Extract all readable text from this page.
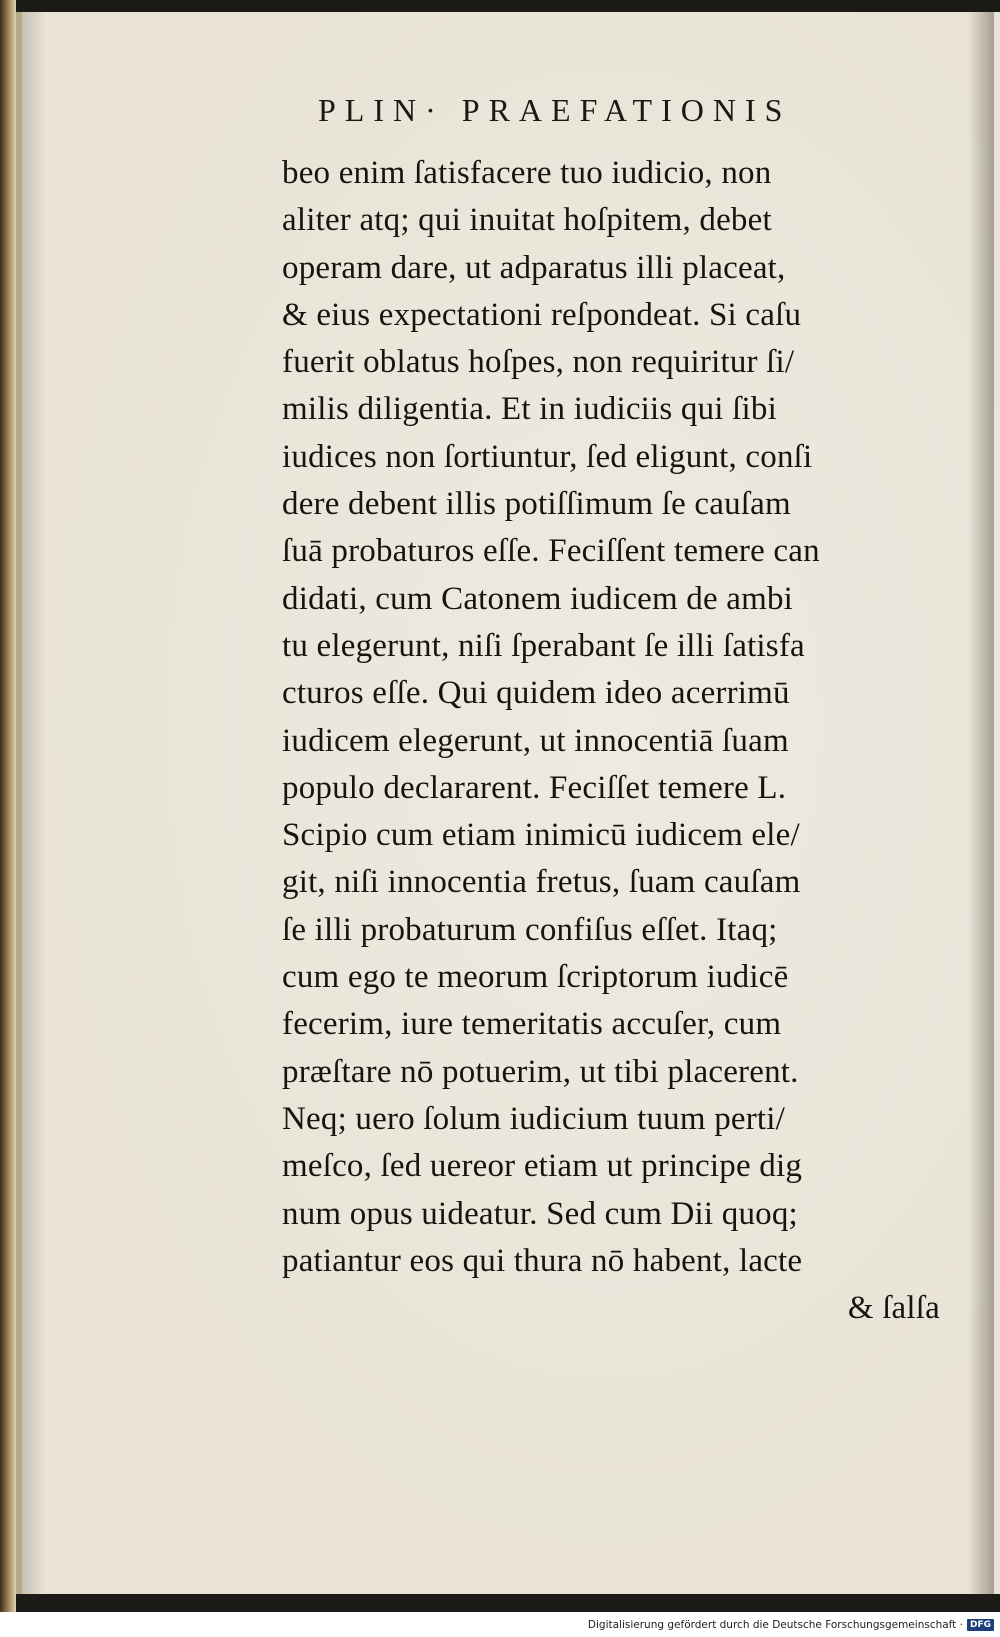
PLIN· PRAEFATIONIS
beo enim ſatisfacere tuo iudicio, non
aliter atq; qui inuitat hoſpitem, debet
operam dare, ut adparatus illi placeat,
& eius expectationi reſpondeat. Si caſu
fuerit oblatus hoſpes, non requiritur ſi/
milis diligentia. Et in iudiciis qui ſibi
iudices non ſortiuntur, ſed eligunt, conſi
dere debent illis potiſſimum ſe cauſam
ſuā probaturos eſſe. Feciſſent temere can
didati, cum Catonem iudicem de ambi
tu elegerunt, niſi ſperabant ſe illi ſatisfa
cturos eſſe. Qui quidem ideo acerrimū
iudicem elegerunt, ut innocentiā ſuam
populo declararent. Feciſſet temere L.
Scipio cum etiam inimicū iudicem ele/
git, niſi innocentia fretus, ſuam cauſam
ſe illi probaturum confiſus eſſet. Itaq;
cum ego te meorum ſcriptorum iudicē
fecerim, iure temeritatis accuſer, cum
præſtare nō potuerim, ut tibi placerent.
Neq; uero ſolum iudicium tuum perti/
meſco, ſed uereor etiam ut principe dig
num opus uideatur. Sed cum Dii quoq;
patiantur eos qui thura nō habent, lacte
& ſalſa
Digitalisierung gefördert durch die Deutsche Forschungsgemeinschaft · DFG
